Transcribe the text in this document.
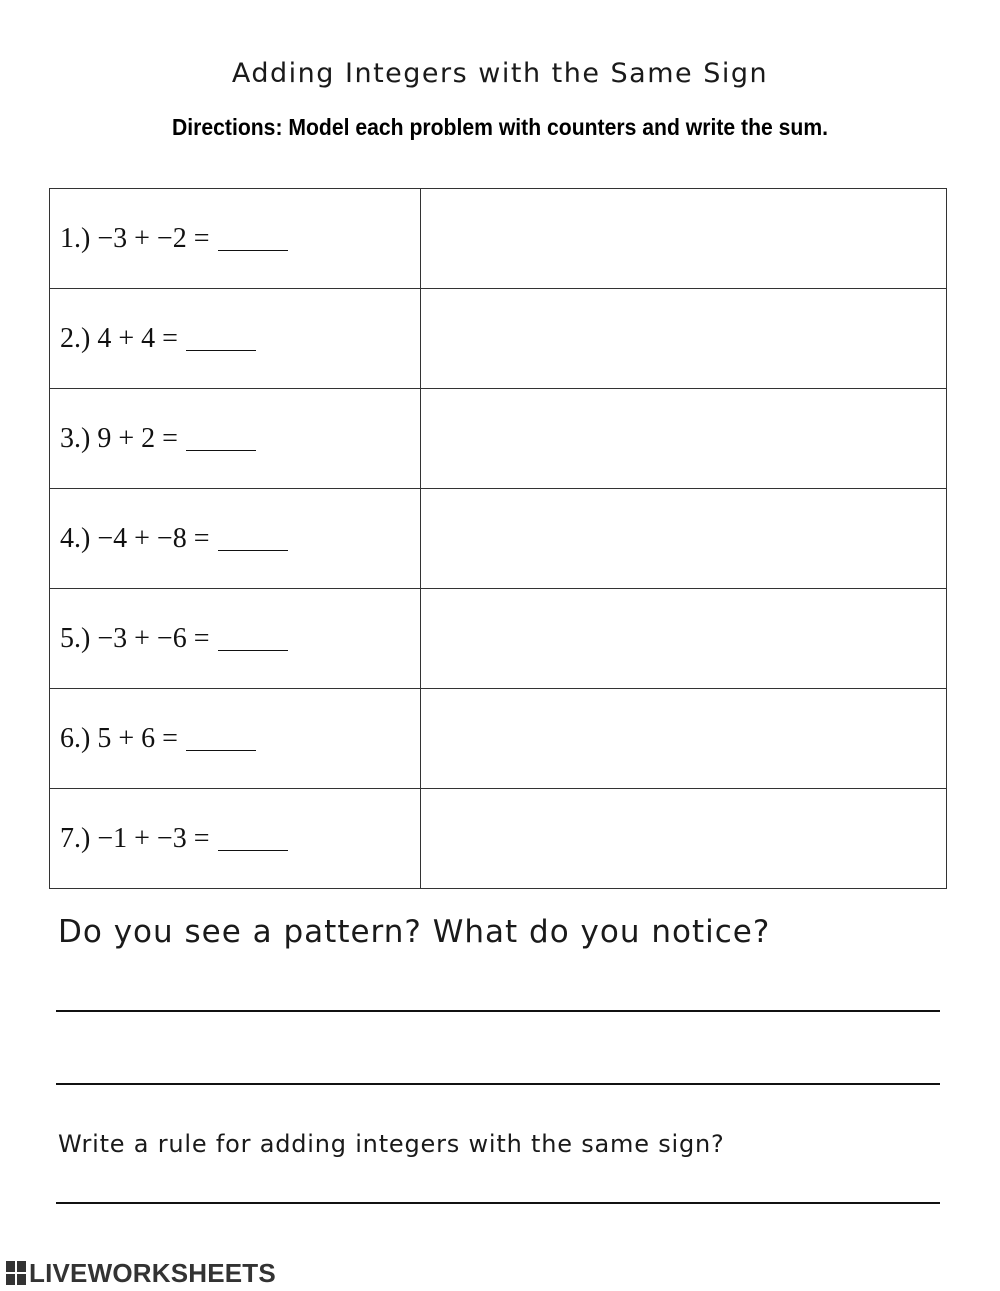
Adding Integers with the Same Sign
Directions: Model each problem with counters and write the sum.
1.) −3 + −2 =	
2.) 4 + 4 =	
3.) 9 + 2 =	
4.) −4 + −8 =	
5.) −3 + −6 =	
6.) 5 + 6 =	
7.) −1 + −3 =	
Do you see a pattern? What do you notice?
Write a rule for adding integers with the same sign?
LIVEWORKSHEETS
